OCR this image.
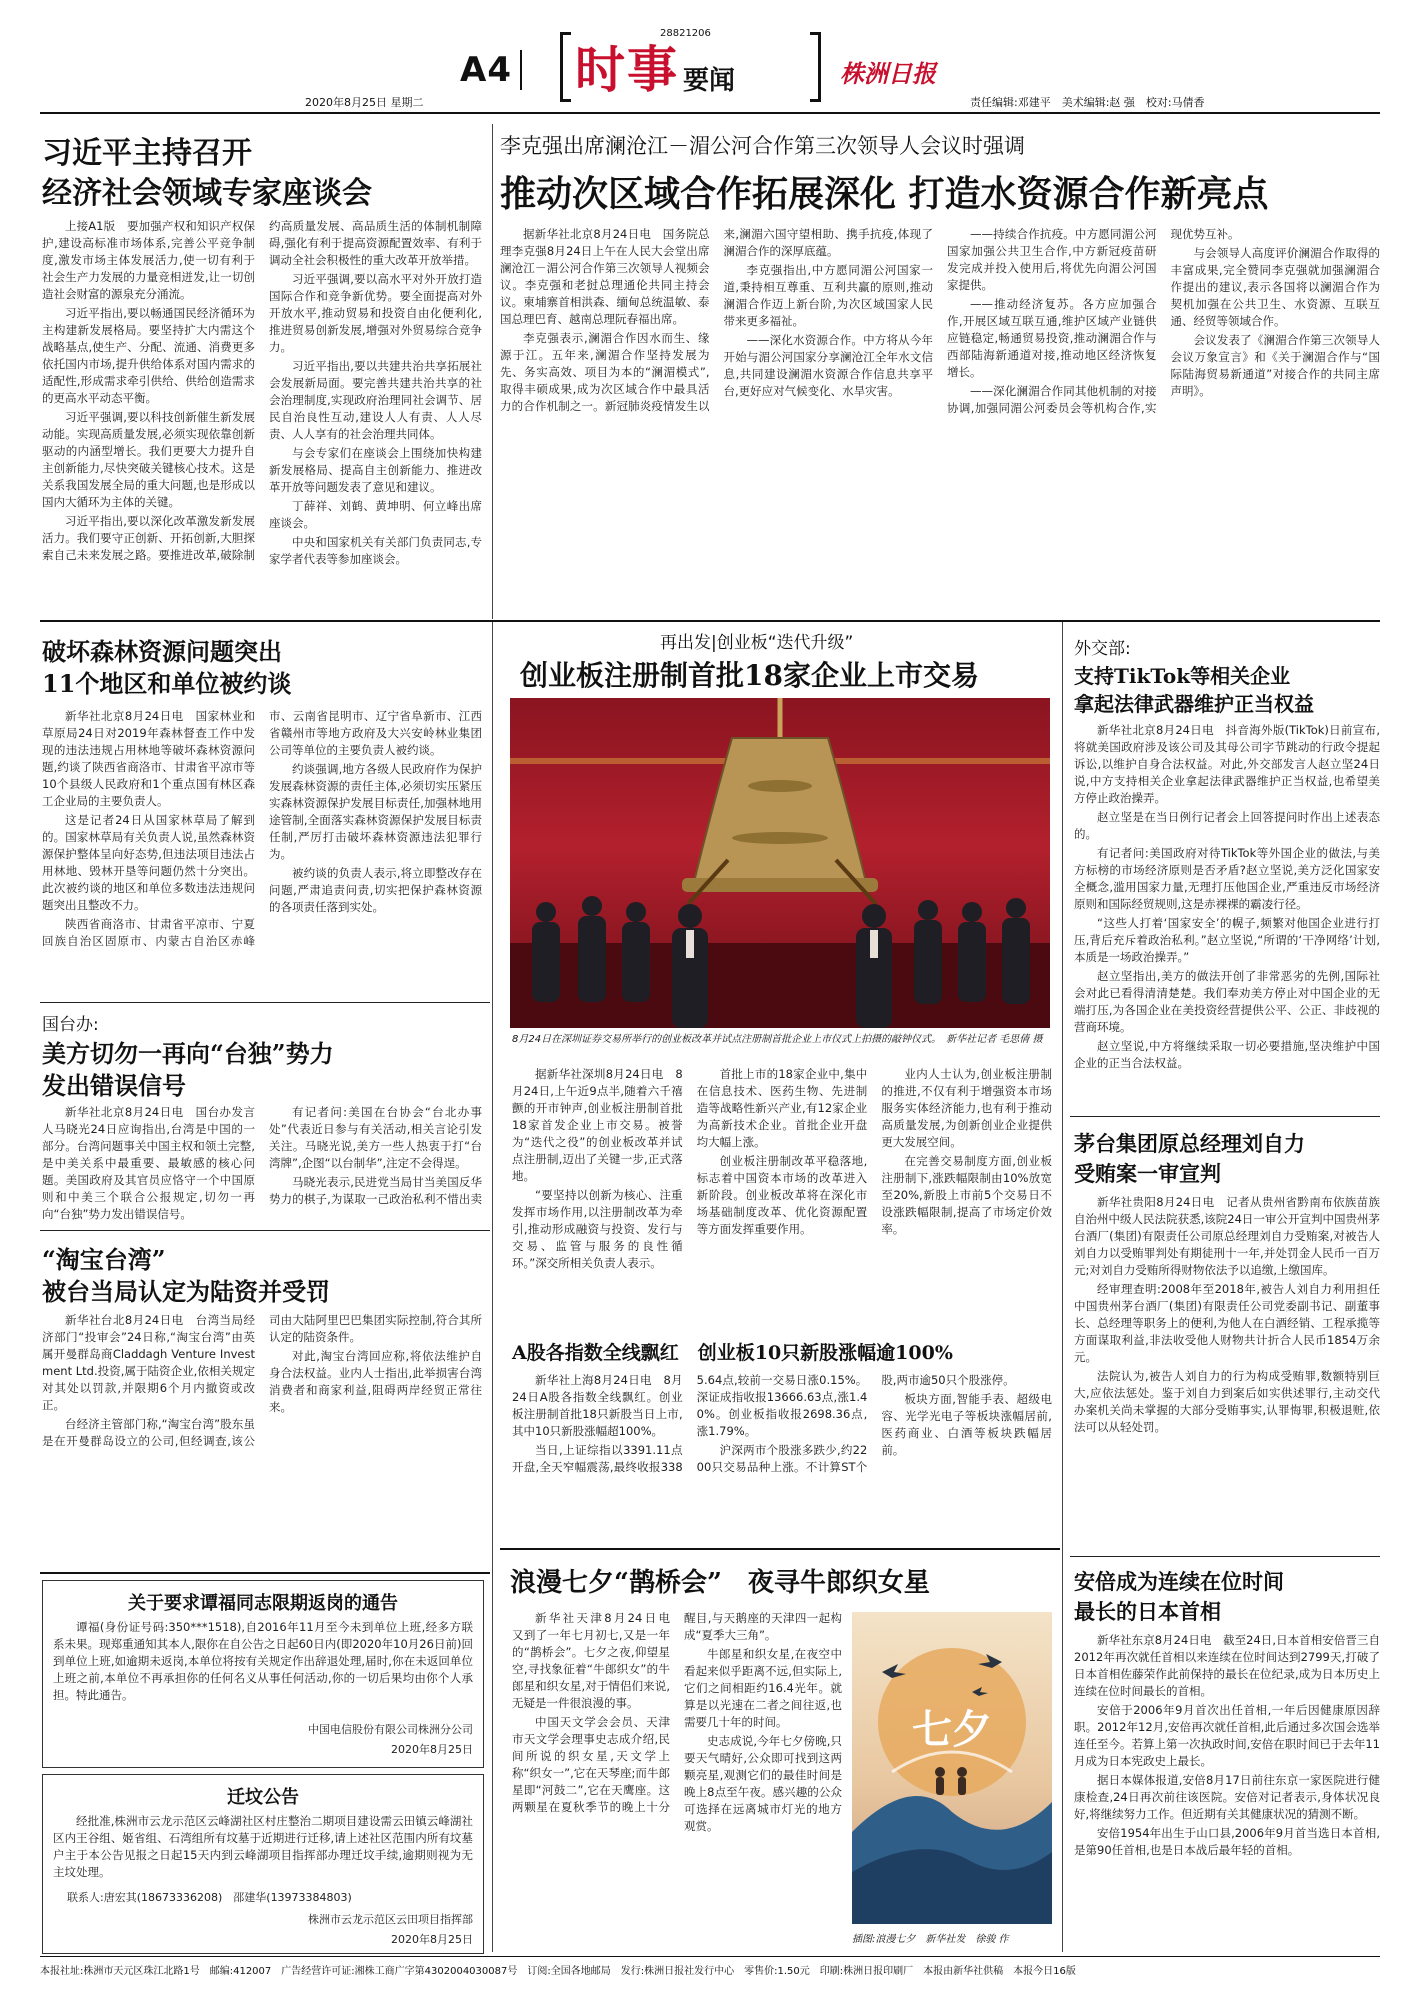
2020年8月25日 星期二
A4 时事 要闻
28821206
株洲日报
责任编辑:邓建平　美术编辑:赵 强　校对:马倩香
习近平主持召开
经济社会领域专家座谈会

上接A1版　要加强产权和知识产权保护,建设高标准市场体系,完善公平竞争制度,激发市场主体发展活力,使一切有利于社会生产力发展的力量竞相迸发,让一切创造社会财富的源泉充分涌流。

习近平指出,要以畅通国民经济循环为主构建新发展格局。要坚持扩大内需这个战略基点,使生产、分配、流通、消费更多依托国内市场,提升供给体系对国内需求的适配性,形成需求牵引供给、供给创造需求的更高水平动态平衡。

习近平强调,要以科技创新催生新发展动能。实现高质量发展,必须实现依靠创新驱动的内涵型增长。我们更要大力提升自主创新能力,尽快突破关键核心技术。这是关系我国发展全局的重大问题,也是形成以国内大循环为主体的关键。

习近平指出,要以深化改革激发新发展活力。我们要守正创新、开拓创新,大胆探索自己未来发展之路。要推进改革,破除制约高质量发展、高品质生活的体制机制障碍,强化有利于提高资源配置效率、有利于调动全社会积极性的重大改革开放举措。

习近平强调,要以高水平对外开放打造国际合作和竞争新优势。要全面提高对外开放水平,推动贸易和投资自由化便利化,推进贸易创新发展,增强对外贸易综合竞争力。

习近平指出,要以共建共治共享拓展社会发展新局面。要完善共建共治共享的社会治理制度,实现政府治理同社会调节、居民自治良性互动,建设人人有责、人人尽责、人人享有的社会治理共同体。

与会专家们在座谈会上围绕加快构建新发展格局、提高自主创新能力、推进改革开放等问题发表了意见和建议。

丁薛祥、刘鹤、黄坤明、何立峰出席座谈会。

中央和国家机关有关部门负责同志,专家学者代表等参加座谈会。

李克强出席澜沧江－湄公河合作第三次领导人会议时强调
推动次区域合作拓展深化 打造水资源合作新亮点

据新华社北京8月24日电　国务院总理李克强8月24日上午在人民大会堂出席澜沧江－湄公河合作第三次领导人视频会议。李克强和老挝总理通伦共同主持会议。柬埔寨首相洪森、缅甸总统温敏、泰国总理巴育、越南总理阮春福出席。

李克强表示,澜湄合作因水而生、缘源于江。五年来,澜湄合作坚持发展为先、务实高效、项目为本的“澜湄模式”,取得丰硕成果,成为次区域合作中最具活力的合作机制之一。新冠肺炎疫情发生以来,澜湄六国守望相助、携手抗疫,体现了澜湄合作的深厚底蕴。

李克强指出,中方愿同湄公河国家一道,秉持相互尊重、互利共赢的原则,推动澜湄合作迈上新台阶,为次区域国家人民带来更多福祉。

——深化水资源合作。中方将从今年开始与湄公河国家分享澜沧江全年水文信息,共同建设澜湄水资源合作信息共享平台,更好应对气候变化、水旱灾害。

——持续合作抗疫。中方愿同湄公河国家加强公共卫生合作,中方新冠疫苗研发完成并投入使用后,将优先向湄公河国家提供。

——推动经济复苏。各方应加强合作,开展区域互联互通,维护区域产业链供应链稳定,畅通贸易投资,推动澜湄合作与西部陆海新通道对接,推动地区经济恢复增长。

——深化澜湄合作同其他机制的对接协调,加强同湄公河委员会等机构合作,实现优势互补。

与会领导人高度评价澜湄合作取得的丰富成果,完全赞同李克强就加强澜湄合作提出的建议,表示各国将以澜湄合作为契机加强在公共卫生、水资源、互联互通、经贸等领域合作。

会议发表了《澜湄合作第三次领导人会议万象宣言》和《关于澜湄合作与“国际陆海贸易新通道”对接合作的共同主席声明》。

破坏森林资源问题突出
11个地区和单位被约谈

新华社北京8月24日电　国家林业和草原局24日对2019年森林督查工作中发现的违法违规占用林地等破坏森林资源问题,约谈了陕西省商洛市、甘肃省平凉市等10个县级人民政府和1个重点国有林区森工企业局的主要负责人。

这是记者24日从国家林草局了解到的。国家林草局有关负责人说,虽然森林资源保护整体呈向好态势,但违法项目违法占用林地、毁林开垦等问题仍然十分突出。此次被约谈的地区和单位多数违法违规问题突出且整改不力。

陕西省商洛市、甘肃省平凉市、宁夏回族自治区固原市、内蒙古自治区赤峰市、云南省昆明市、辽宁省阜新市、江西省赣州市等地方政府及大兴安岭林业集团公司等单位的主要负责人被约谈。

约谈强调,地方各级人民政府作为保护发展森林资源的责任主体,必须切实压紧压实森林资源保护发展目标责任,加强林地用途管制,全面落实森林资源保护发展目标责任制,严厉打击破坏森林资源违法犯罪行为。

被约谈的负责人表示,将立即整改存在问题,严肃追责问责,切实把保护森林资源的各项责任落到实处。

国台办:
美方切勿一再向“台独”势力
发出错误信号

新华社北京8月24日电　国台办发言人马晓光24日应询指出,台湾是中国的一部分。台湾问题事关中国主权和领土完整,是中美关系中最重要、最敏感的核心问题。美国政府及其官员应恪守一个中国原则和中美三个联合公报规定,切勿一再向“台独”势力发出错误信号。

有记者问:美国在台协会“台北办事处”代表近日参与有关活动,相关言论引发关注。马晓光说,美方一些人热衷于打“台湾牌”,企图“以台制华”,注定不会得逞。

马晓光表示,民进党当局甘当美国反华势力的棋子,为谋取一己政治私利不惜出卖

“淘宝台湾”
被台当局认定为陆资并受罚

新华社台北8月24日电　台湾当局经济部门“投审会”24日称,“淘宝台湾”由英属开曼群岛商Claddagh Venture Investment Ltd.投资,属于陆资企业,依相关规定对其处以罚款,并限期6个月内撤资或改正。

台经济主管部门称,“淘宝台湾”股东虽是在开曼群岛设立的公司,但经调查,该公司由大陆阿里巴巴集团实际控制,符合其所认定的陆资条件。

对此,淘宝台湾回应称,将依法维护自身合法权益。业内人士指出,此举损害台湾消费者和商家利益,阻碍两岸经贸正常往来。

关于要求谭福同志限期返岗的通告

谭福(身份证号码:350***1518),自2016年11月至今未到单位上班,经多方联系未果。现郑重通知其本人,限你在自公告之日起60日内(即2020年10月26日前)回到单位上班,如逾期未返岗,本单位将按有关规定作出辞退处理,届时,你在未返回单位上班之前,本单位不再承担你的任何名义从事任何活动,你的一切后果均由你个人承担。特此通告。

中国电信股份有限公司株洲分公司
2020年8月25日
迁坟公告

经批准,株洲市云龙示范区云峰湖社区村庄整治二期项目建设需云田镇云峰湖社区内王谷组、姬省组、石湾组所有坟墓于近期进行迁移,请上述社区范围内所有坟墓户主于本公告见报之日起15天内到云峰湖项目指挥部办理迁坟手续,逾期则视为无主坟处理。

联系人:唐宏其(18673336208)　邵建华(13973384803)
株洲市云龙示范区云田项目指挥部
2020年8月25日
再出发|创业板“迭代升级”
创业板注册制首批18家企业上市交易
8月24日在深圳证券交易所举行的创业板改革并试点注册制首批企业上市仪式上拍摄的敲钟仪式。　新华社记者 毛思倩 摄

据新华社深圳8月24日电　8月24日,上午近9点半,随着六千禧颤的开市钟声,创业板注册制首批18家首发企业上市交易。被誉为“迭代之役”的创业板改革并试点注册制,迈出了关键一步,正式落地。

“要坚持以创新为核心、注重发挥市场作用,以注册制改革为牵引,推动形成融资与投资、发行与交易、监管与服务的良性循环。”深交所相关负责人表示。

首批上市的18家企业中,集中在信息技术、医药生物、先进制造等战略性新兴产业,有12家企业为高新技术企业。首批企业开盘均大幅上涨。

创业板注册制改革平稳落地,标志着中国资本市场的改革进入新阶段。创业板改革将在深化市场基础制度改革、优化资源配置等方面发挥重要作用。

业内人士认为,创业板注册制的推进,不仅有利于增强资本市场服务实体经济能力,也有利于推动高质量发展,为创新创业企业提供更大发展空间。

在完善交易制度方面,创业板注册制下,涨跌幅限制由10%放宽至20%,新股上市前5个交易日不设涨跌幅限制,提高了市场定价效率。

A股各指数全线飘红　创业板10只新股涨幅逾100%

新华社上海8月24日电　8月24日A股各指数全线飘红。创业板注册制首批18只新股当日上市,其中10只新股涨幅超100%。

当日,上证综指以3391.11点开盘,全天窄幅震荡,最终收报3385.64点,较前一交易日涨0.15%。深证成指收报13666.63点,涨1.40%。创业板指收报2698.36点,涨1.79%。

沪深两市个股涨多跌少,约2200只交易品种上涨。不计算ST个股,两市逾50只个股涨停。

板块方面,智能手表、超级电容、光学光电子等板块涨幅居前,医药商业、白酒等板块跌幅居前。

浪漫七夕“鹊桥会”　夜寻牛郎织女星

新华社天津8月24日电　又到了一年七月初七,又是一年的“鹊桥会”。七夕之夜,仰望星空,寻找象征着“牛郎织女”的牛郎星和织女星,对于情侣们来说,无疑是一件很浪漫的事。

中国天文学会会员、天津市天文学会理事史志成介绍,民间所说的织女星,天文学上称“织女一”,它在天琴座;而牛郎星即“河鼓二”,它在天鹰座。这两颗星在夏秋季节的晚上十分醒目,与天鹅座的天津四一起构成“夏季大三角”。

牛郎星和织女星,在夜空中看起来似乎距离不远,但实际上,它们之间相距约16.4光年。就算是以光速在二者之间往返,也需要几十年的时间。

史志成说,今年七夕傍晚,只要天气晴好,公众即可找到这两颗亮星,观测它们的最佳时间是晚上8点至午夜。感兴趣的公众可选择在远离城市灯光的地方观赏。

七夕
插图:浪漫七夕　新华社发　徐骏 作
外交部:
支持TikTok等相关企业
拿起法律武器维护正当权益

新华社北京8月24日电　抖音海外版(TikTok)日前宣布,将就美国政府涉及该公司及其母公司字节跳动的行政令提起诉讼,以维护自身合法权益。对此,外交部发言人赵立坚24日说,中方支持相关企业拿起法律武器维护正当权益,也希望美方停止政治操弄。

赵立坚是在当日例行记者会上回答提问时作出上述表态的。

有记者问:美国政府对待TikTok等外国企业的做法,与美方标榜的市场经济原则是否矛盾?赵立坚说,美方泛化国家安全概念,滥用国家力量,无理打压他国企业,严重违反市场经济原则和国际经贸规则,这是赤裸裸的霸凌行径。

“这些人打着‘国家安全’的幌子,频繁对他国企业进行打压,背后充斥着政治私利。”赵立坚说,“所谓的‘干净网络’计划,本质是一场政治操弄。”

赵立坚指出,美方的做法开创了非常恶劣的先例,国际社会对此已看得清清楚楚。我们奉劝美方停止对中国企业的无端打压,为各国企业在美投资经营提供公平、公正、非歧视的营商环境。

赵立坚说,中方将继续采取一切必要措施,坚决维护中国企业的正当合法权益。

茅台集团原总经理刘自力
受贿案一审宣判

新华社贵阳8月24日电　记者从贵州省黔南布依族苗族自治州中级人民法院获悉,该院24日一审公开宣判中国贵州茅台酒厂(集团)有限责任公司原总经理刘自力受贿案,对被告人刘自力以受贿罪判处有期徒刑十一年,并处罚金人民币一百万元;对刘自力受贿所得财物依法予以追缴,上缴国库。

经审理查明:2008年至2018年,被告人刘自力利用担任中国贵州茅台酒厂(集团)有限责任公司党委副书记、副董事长、总经理等职务上的便利,为他人在白酒经销、工程承揽等方面谋取利益,非法收受他人财物共计折合人民币1854万余元。

法院认为,被告人刘自力的行为构成受贿罪,数额特别巨大,应依法惩处。鉴于刘自力到案后如实供述罪行,主动交代办案机关尚未掌握的大部分受贿事实,认罪悔罪,积极退赃,依法可以从轻处罚。

安倍成为连续在位时间
最长的日本首相

新华社东京8月24日电　截至24日,日本首相安倍晋三自2012年再次就任首相以来连续在位时间达到2799天,打破了日本首相佐藤荣作此前保持的最长在位纪录,成为日本历史上连续在位时间最长的首相。

安倍于2006年9月首次出任首相,一年后因健康原因辞职。2012年12月,安倍再次就任首相,此后通过多次国会选举连任至今。若算上第一次执政时间,安倍在职时间已于去年11月成为日本宪政史上最长。

据日本媒体报道,安倍8月17日前往东京一家医院进行健康检查,24日再次前往该医院。安倍对记者表示,身体状况良好,将继续努力工作。但近期有关其健康状况的猜测不断。

安倍1954年出生于山口县,2006年9月首当选日本首相,是第90任首相,也是日本战后最年轻的首相。

本报社址:株洲市天元区珠江北路1号　邮编:412007　广告经营许可证:湘株工商广字第4302004030087号　订阅:全国各地邮局　发行:株洲日报社发行中心　零售价:1.50元　印刷:株洲日报印刷厂　本报由新华社供稿　本报今日16版
